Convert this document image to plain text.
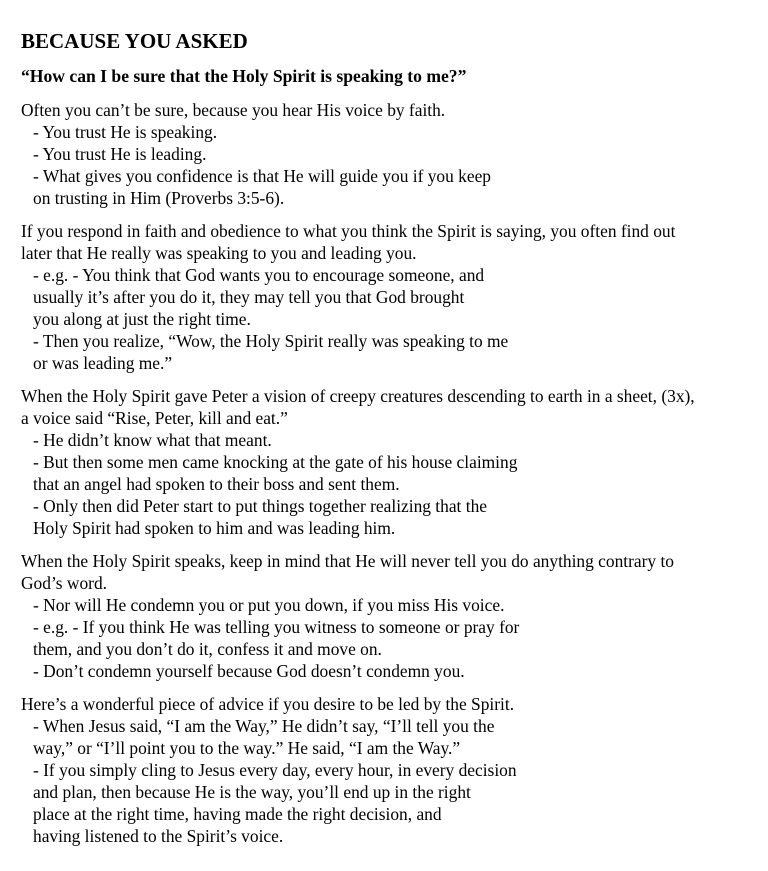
BECAUSE YOU ASKED
“How can I be sure that the Holy Spirit is speaking to me?”
Often you can’t be sure, because you hear His voice by faith.
- You trust He is speaking.
- You trust He is leading.
- What gives you confidence is that He will guide you if you keep
on trusting in Him (Proverbs 3:5-6).
If you respond in faith and obedience to what you think the Spirit is saying, you often find out
later that He really was speaking to you and leading you.
- e.g. - You think that God wants you to encourage someone, and
usually it’s after you do it, they may tell you that God brought
you along at just the right time.
- Then you realize, “Wow, the Holy Spirit really was speaking to me
or was leading me.”
When the Holy Spirit gave Peter a vision of creepy creatures descending to earth in a sheet, (3x),
a voice said “Rise, Peter, kill and eat.”
- He didn’t know what that meant.
- But then some men came knocking at the gate of his house claiming
that an angel had spoken to their boss and sent them.
- Only then did Peter start to put things together realizing that the
Holy Spirit had spoken to him and was leading him.
When the Holy Spirit speaks, keep in mind that He will never tell you do anything contrary to
God’s word.
- Nor will He condemn you or put you down, if you miss His voice.
- e.g. - If you think He was telling you witness to someone or pray for
them, and you don’t do it, confess it and move on.
- Don’t condemn yourself because God doesn’t condemn you.
Here’s a wonderful piece of advice if you desire to be led by the Spirit.
- When Jesus said, “I am the Way,” He didn’t say, “I’ll tell you the
way,” or “I’ll point you to the way.” He said, “I am the Way.”
- If you simply cling to Jesus every day, every hour, in every decision
and plan, then because He is the way, you’ll end up in the right
place at the right time, having made the right decision, and
having listened to the Spirit’s voice.
